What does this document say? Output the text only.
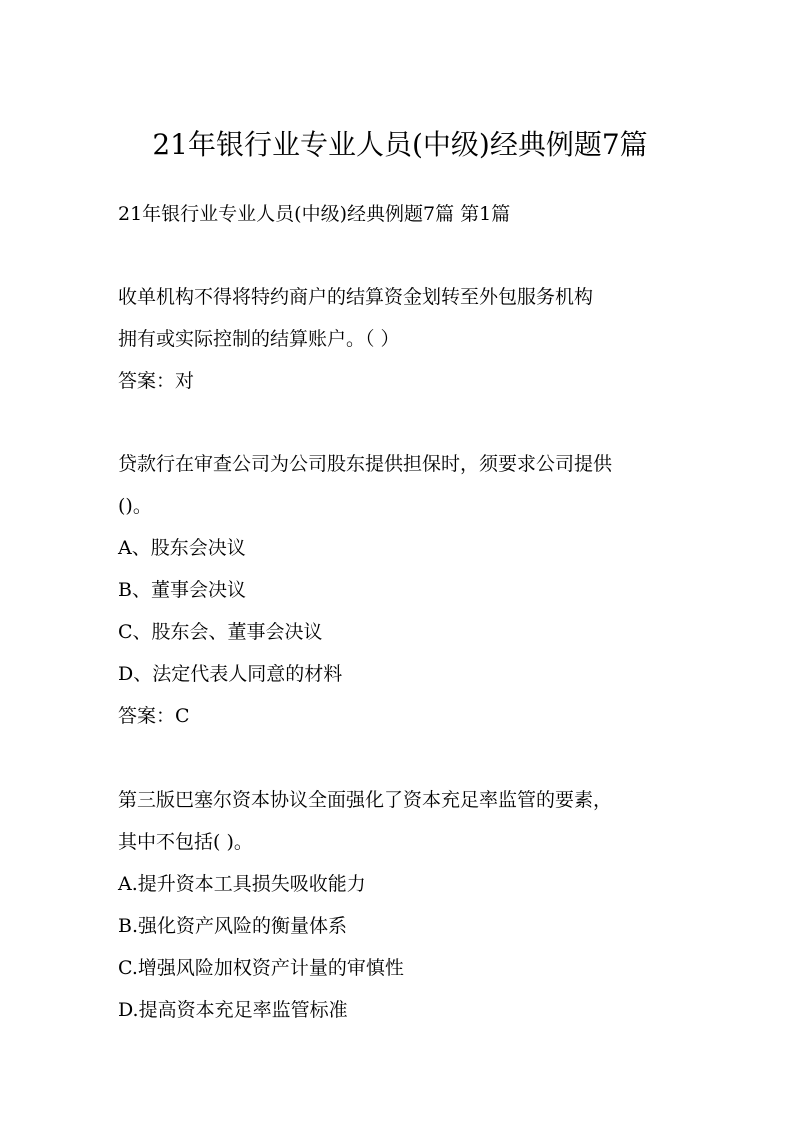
21年银行业专业人员(中级)经典例题7篇
21年银行业专业人员(中级)经典例题7篇 第1篇

收单机构不得将特约商户的结算资金划转至外包服务机构

拥有或实际控制的结算账户。（ ）

答案：对

贷款行在审查公司为公司股东提供担保时，须要求公司提供

()。

A、股东会决议

B、董事会决议

C、股东会、董事会决议

D、法定代表人同意的材料

答案：C

第三版巴塞尔资本协议全面强化了资本充足率监管的要素，

其中不包括( )。

A.提升资本工具损失吸收能力

B.强化资产风险的衡量体系

C.增强风险加权资产计量的审慎性

D.提高资本充足率监管标准
